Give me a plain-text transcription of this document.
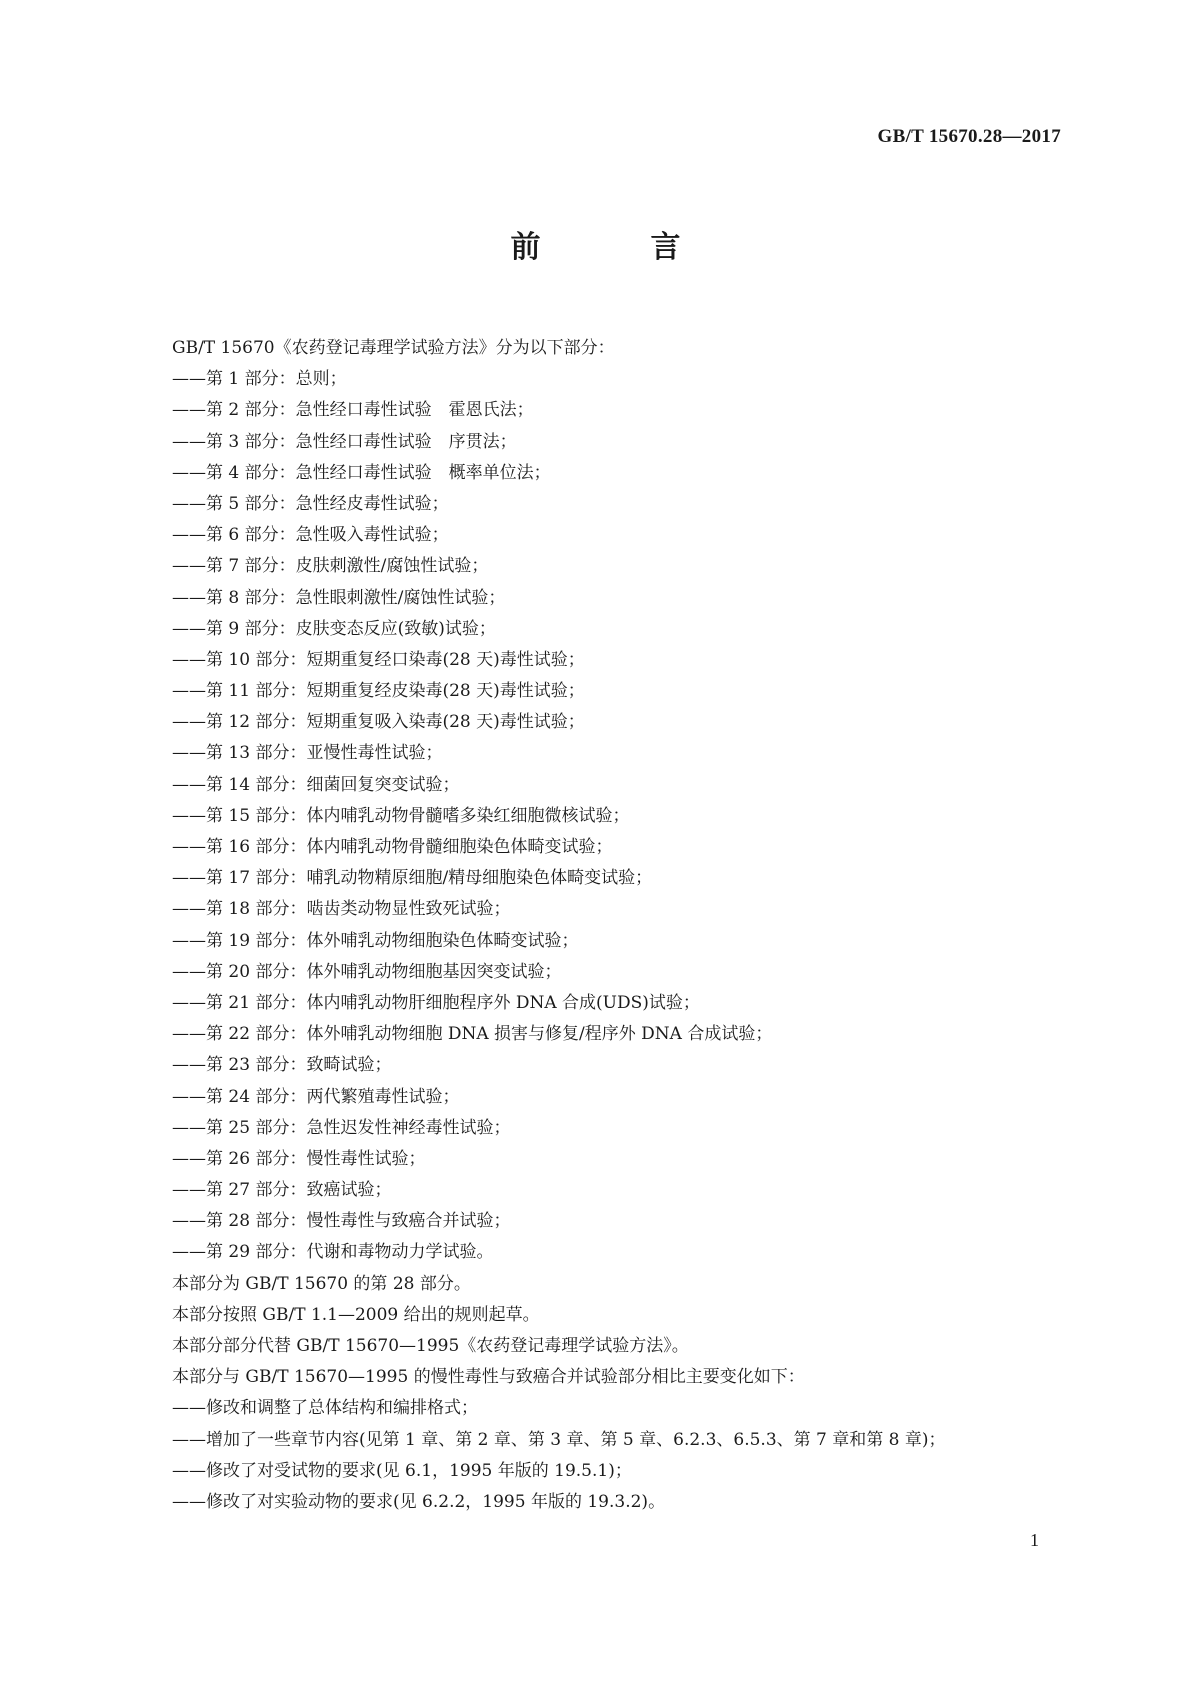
GB/T 15670.28—2017
前　言
GB/T 15670《农药登记毒理学试验方法》分为以下部分：
——第 1 部分：总则；
——第 2 部分：急性经口毒性试验　霍恩氏法；
——第 3 部分：急性经口毒性试验　序贯法；
——第 4 部分：急性经口毒性试验　概率单位法；
——第 5 部分：急性经皮毒性试验；
——第 6 部分：急性吸入毒性试验；
——第 7 部分：皮肤刺激性/腐蚀性试验；
——第 8 部分：急性眼刺激性/腐蚀性试验；
——第 9 部分：皮肤变态反应(致敏)试验；
——第 10 部分：短期重复经口染毒(28 天)毒性试验；
——第 11 部分：短期重复经皮染毒(28 天)毒性试验；
——第 12 部分：短期重复吸入染毒(28 天)毒性试验；
——第 13 部分：亚慢性毒性试验；
——第 14 部分：细菌回复突变试验；
——第 15 部分：体内哺乳动物骨髓嗜多染红细胞微核试验；
——第 16 部分：体内哺乳动物骨髓细胞染色体畸变试验；
——第 17 部分：哺乳动物精原细胞/精母细胞染色体畸变试验；
——第 18 部分：啮齿类动物显性致死试验；
——第 19 部分：体外哺乳动物细胞染色体畸变试验；
——第 20 部分：体外哺乳动物细胞基因突变试验；
——第 21 部分：体内哺乳动物肝细胞程序外 DNA 合成(UDS)试验；
——第 22 部分：体外哺乳动物细胞 DNA 损害与修复/程序外 DNA 合成试验；
——第 23 部分：致畸试验；
——第 24 部分：两代繁殖毒性试验；
——第 25 部分：急性迟发性神经毒性试验；
——第 26 部分：慢性毒性试验；
——第 27 部分：致癌试验；
——第 28 部分：慢性毒性与致癌合并试验；
——第 29 部分：代谢和毒物动力学试验。
本部分为 GB/T 15670 的第 28 部分。
本部分按照 GB/T 1.1—2009 给出的规则起草。
本部分部分代替 GB/T 15670—1995《农药登记毒理学试验方法》。
本部分与 GB/T 15670—1995 的慢性毒性与致癌合并试验部分相比主要变化如下：
——修改和调整了总体结构和编排格式；
——增加了一些章节内容(见第 1 章、第 2 章、第 3 章、第 5 章、6.2.3、6.5.3、第 7 章和第 8 章)；
——修改了对受试物的要求(见 6.1，1995 年版的 19.5.1)；
——修改了对实验动物的要求(见 6.2.2，1995 年版的 19.3.2)。
1
